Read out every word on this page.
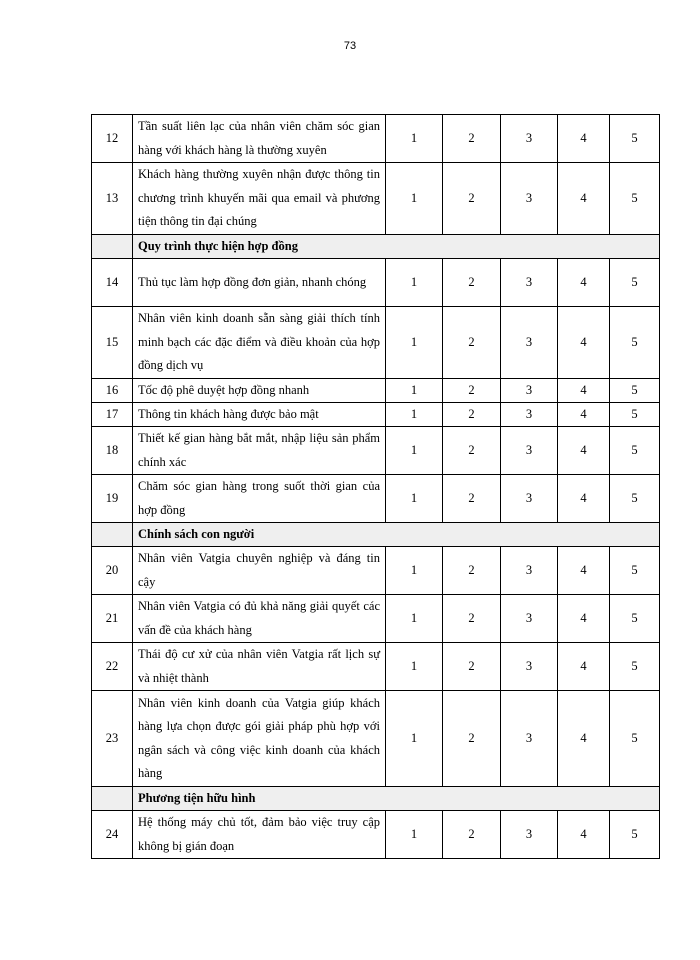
73
12	Tần suất liên lạc của nhân viên chăm sóc gian hàng với khách hàng là thường xuyên	1	2	3	4	5
13	Khách hàng thường xuyên nhận được thông tin chương trình khuyến mãi qua email và phương tiện thông tin đại chúng	1	2	3	4	5
	Quy trình thực hiện hợp đồng					
14	Thủ tục làm hợp đồng đơn giản, nhanh chóng	1	2	3	4	5
15	Nhân viên kinh doanh sẵn sàng giải thích tính minh bạch các đặc điểm và điều khoản của hợp đồng dịch vụ	1	2	3	4	5
16	Tốc độ phê duyệt hợp đồng nhanh	1	2	3	4	5
17	Thông tin khách hàng được bảo mật	1	2	3	4	5
18	Thiết kế gian hàng bắt mắt, nhập liệu sản phẩm chính xác	1	2	3	4	5
19	Chăm sóc gian hàng trong suốt thời gian của hợp đồng	1	2	3	4	5
	Chính sách con người					
20	Nhân viên Vatgia chuyên nghiệp và đáng tin cậy	1	2	3	4	5
21	Nhân viên Vatgia có đủ khả năng giải quyết các vấn đề của khách hàng	1	2	3	4	5
22	Thái độ cư xử của nhân viên Vatgia rất lịch sự và nhiệt thành	1	2	3	4	5
23	Nhân viên kinh doanh của Vatgia giúp khách hàng lựa chọn được gói giải pháp phù hợp với ngân sách và công việc kinh doanh của khách hàng	1	2	3	4	5
	Phương tiện hữu hình					
24	Hệ thống máy chủ tốt, đảm bảo việc truy cập không bị gián đoạn	1	2	3	4	5
